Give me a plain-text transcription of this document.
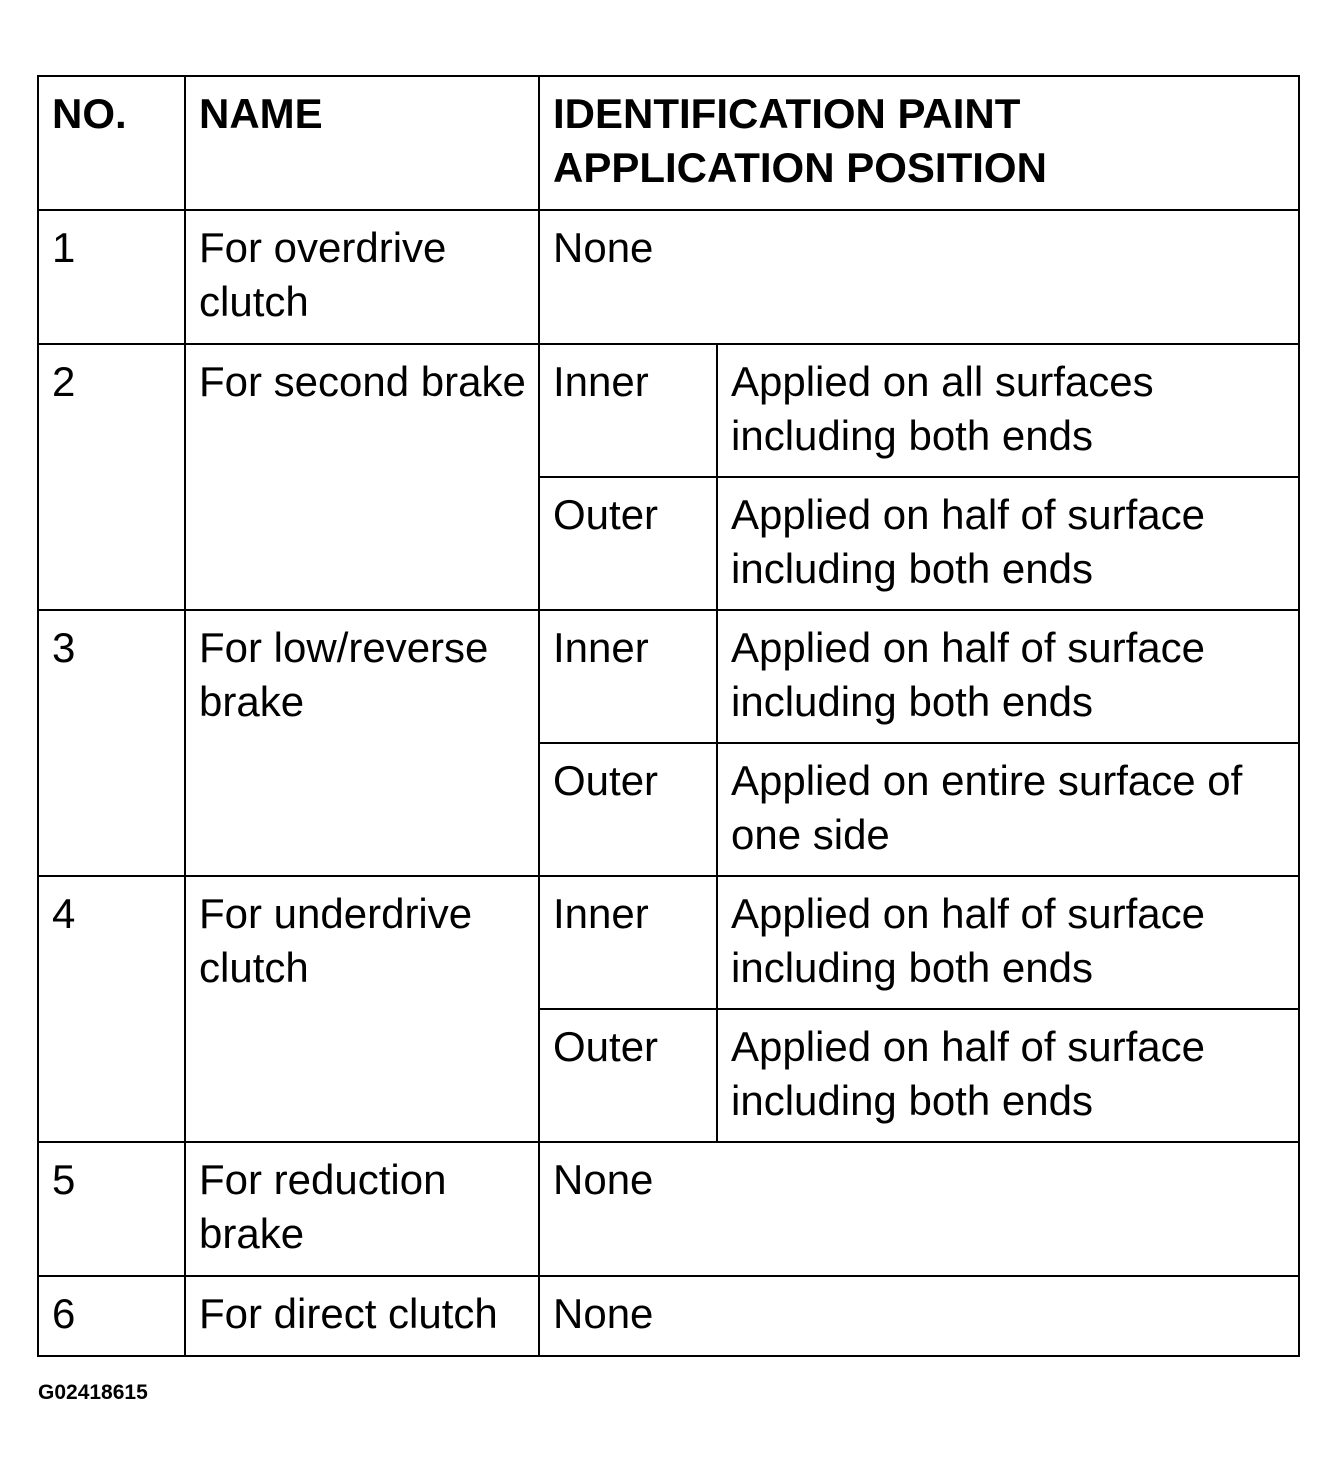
NO.	NAME	IDENTIFICATION PAINT
APPLICATION POSITION	

1	For overdrive clutch	None	
2	For second brake	Inner	Applied on all surfaces including both ends
		Outer	Applied on half of surface including both ends
3	For low/reverse brake	Inner	Applied on half of surface including both ends
		Outer	Applied on entire surface of one side
4	For underdrive clutch	Inner	Applied on half of surface including both ends
		Outer	Applied on half of surface including both ends
5	For reduction brake	None	
6	For direct clutch	None	
G02418615
